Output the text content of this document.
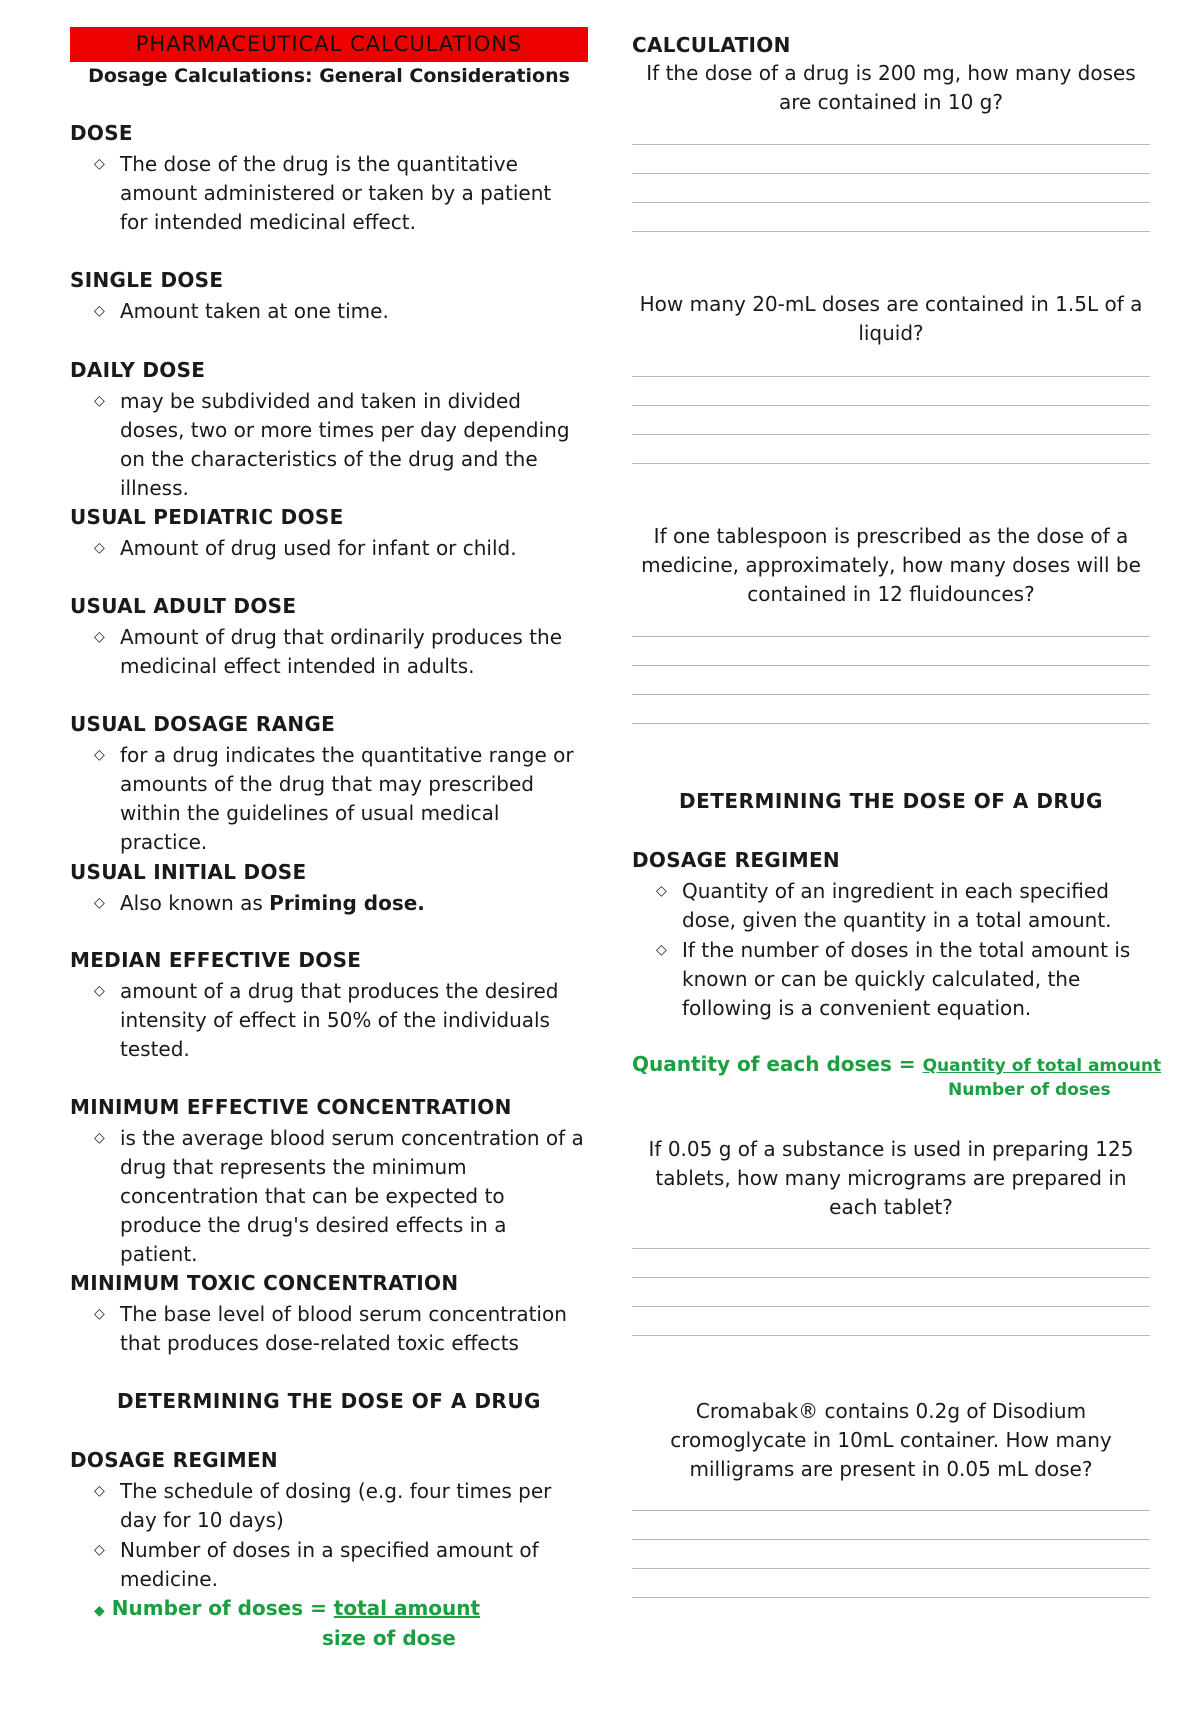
PHARMACEUTICAL CALCULATIONS
Dosage Calculations: General Considerations
DOSE
◇ The dose of the drug is the quantitative amount administered or taken by a patient for intended medicinal effect.
SINGLE DOSE
◇ Amount taken at one time.
DAILY DOSE
◇ may be subdivided and taken in divided doses, two or more times per day depending on the characteristics of the drug and the illness.
USUAL PEDIATRIC DOSE
◇ Amount of drug used for infant or child.
USUAL ADULT DOSE
◇ Amount of drug that ordinarily produces the medicinal effect intended in adults.
USUAL DOSAGE RANGE
◇ for a drug indicates the quantitative range or amounts of the drug that may prescribed within the guidelines of usual medical practice.
USUAL INITIAL DOSE
◇ Also known as Priming dose.
MEDIAN EFFECTIVE DOSE
◇ amount of a drug that produces the desired intensity of effect in 50% of the individuals tested.
MINIMUM EFFECTIVE CONCENTRATION
◇ is the average blood serum concentration of a drug that represents the minimum concentration that can be expected to produce the drug's desired effects in a patient.
MINIMUM TOXIC CONCENTRATION
◇ The base level of blood serum concentration that produces dose-related toxic effects
DETERMINING THE DOSE OF A DRUG
DOSAGE REGIMEN
◇ The schedule of dosing (e.g. four times per day for 10 days)
◇ Number of doses in a specified amount of medicine.
◆ Number of doses = total amount
size of dose
CALCULATION
If the dose of a drug is 200 mg, how many doses are contained in 10 g?
How many 20-mL doses are contained in 1.5L of a liquid?
If one tablespoon is prescribed as the dose of a medicine, approximately, how many doses will be contained in 12 fluidounces?
DETERMINING THE DOSE OF A DRUG
DOSAGE REGIMEN
◇ Quantity of an ingredient in each specified dose, given the quantity in a total amount.
◇ If the number of doses in the total amount is known or can be quickly calculated, the following is a convenient equation.
Quantity of each doses = Quantity of total amount
Number of doses
If 0.05 g of a substance is used in preparing 125 tablets, how many micrograms are prepared in each tablet?
Cromabak® contains 0.2g of Disodium cromoglycate in 10mL container. How many milligrams are present in 0.05 mL dose?
